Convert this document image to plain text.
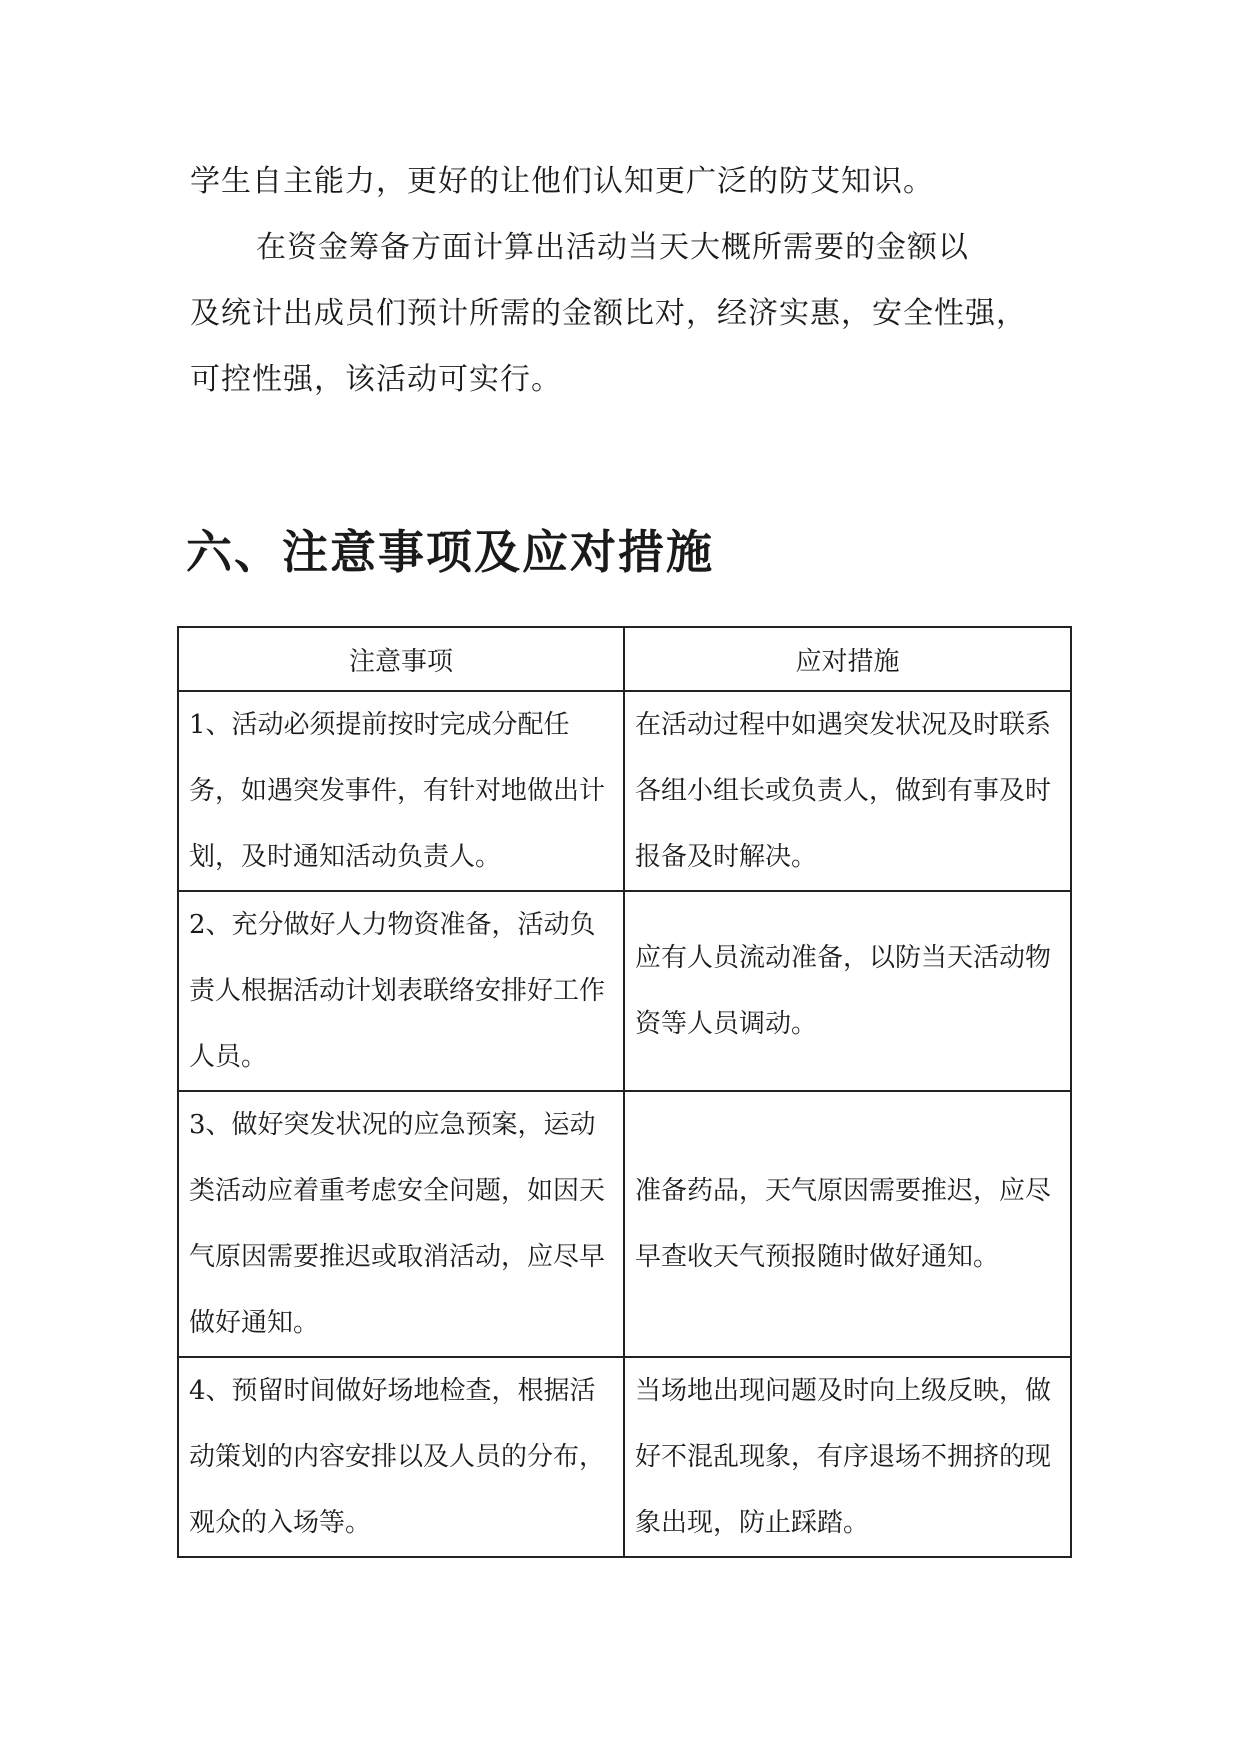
学生自主能力，更好的让他们认知更广泛的防艾知识。
在资金筹备方面计算出活动当天大概所需要的金额以
及统计出成员们预计所需的金额比对，经济实惠，安全性强，
可控性强，该活动可实行。
六、注意事项及应对措施
注意事项	应对措施

1、活动必须提前按时完成分配任务，如遇突发事件，有针对地做出计划，及时通知活动负责人。	在活动过程中如遇突发状况及时联系各组小组长或负责人，做到有事及时报备及时解决。

2、充分做好人力物资准备，活动负责人根据活动计划表联络安排好工作人员。	应有人员流动准备，以防当天活动物资等人员调动。

3、做好突发状况的应急预案，运动类活动应着重考虑安全问题，如因天气原因需要推迟或取消活动，应尽早做好通知。	准备药品，天气原因需要推迟，应尽早查收天气预报随时做好通知。

4、预留时间做好场地检查，根据活动策划的内容安排以及人员的分布，观众的入场等。	当场地出现问题及时向上级反映，做好不混乱现象，有序退场不拥挤的现象出现，防止踩踏。
